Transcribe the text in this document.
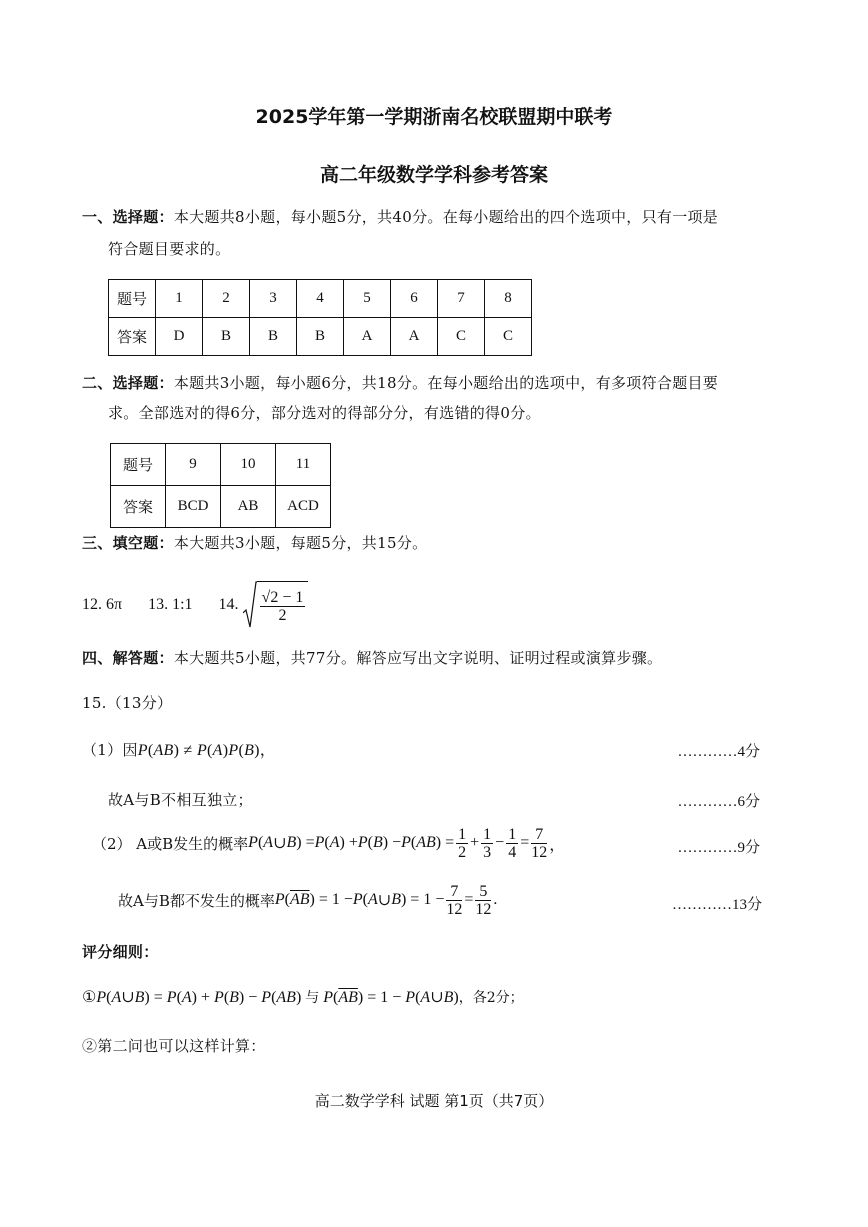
2025学年第一学期浙南名校联盟期中联考
高二年级数学学科参考答案
一、选择题：本大题共8小题，每小题5分，共40分。在每小题给出的四个选项中，只有一项是
符合题目要求的。
题号	1	2	3	4	5	6	7	8
答案	D	B	B	B	A	A	C	C
二、选择题：本题共3小题，每小题6分，共18分。在每小题给出的选项中，有多项符合题目要
求。全部选对的得6分，部分选对的得部分分，有选错的得0分。
题号	9	10	11
答案	BCD	AB	ACD
三、填空题：本大题共3小题，每题5分，共15分。
12. 6π 13. 1:1 14. $\frac{√2 - 1}{2}$
四、解答题：本大题共5小题，共77分。解答应写出文字说明、证明过程或演算步骤。
15.（13分）
（1）因P(AB) ≠ P(A)P(B)，	…………4分
故A与B不相互独立；	…………6分
（2） A或B发生的概率 P ( A ∪ B ) = P ( A ) + P ( B ) − P ( AB ) = $\frac{1}{2} + \frac{1}{3} - \frac{1}{4} = \frac{7}{12}$ ，	…………9分
故A与B都不发生的概率 P ( $\overline{AB}$ ) = 1 − P ( A ∪ B ) = $1 - \frac{7}{12} = \frac{5}{12}$ .	…………13分
评分细则：
①P(A∪B) = P(A) + P(B) − P(AB) 与 $P(\overline{AB}) = 1$ − P(A∪B)，各2分；
②第二问也可以这样计算：
高二数学学科 试题 第1页（共7页）
